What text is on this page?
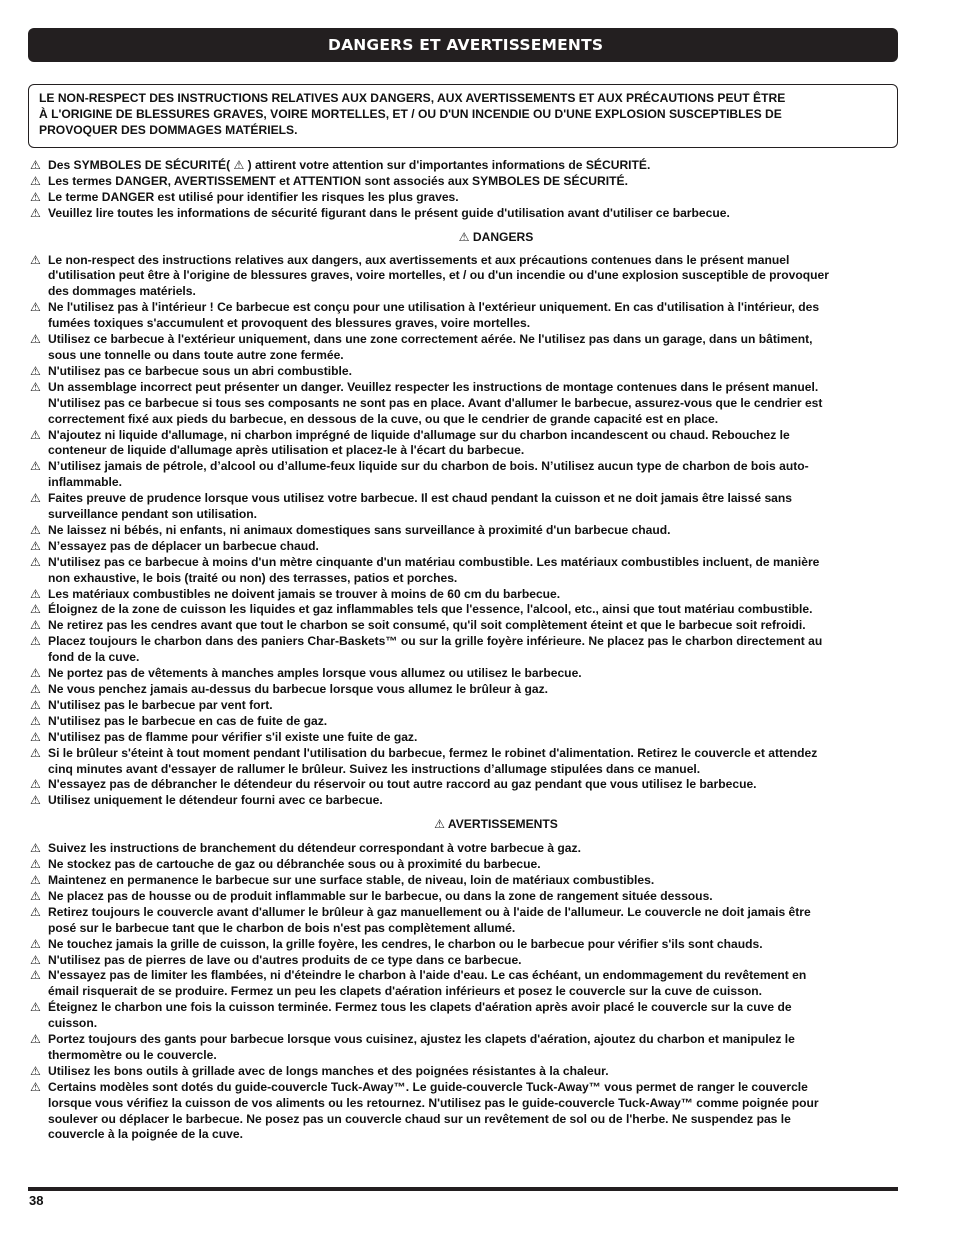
DANGERS ET AVERTISSEMENTS
LE NON-RESPECT DES INSTRUCTIONS RELATIVES AUX DANGERS, AUX AVERTISSEMENTS ET AUX PRÉCAUTIONS PEUT ÊTRE
À L'ORIGINE DE BLESSURES GRAVES, VOIRE MORTELLES, ET / OU D'UN INCENDIE OU D'UNE EXPLOSION SUSCEPTIBLES DE
PROVOQUER DES DOMMAGES MATÉRIELS.
⚠ Des SYMBOLES DE SÉCURITÉ( ⚠ ) attirent votre attention sur d'importantes informations de SÉCURITÉ.
⚠ Les termes DANGER, AVERTISSEMENT et ATTENTION sont associés aux SYMBOLES DE SÉCURITÉ.
⚠ Le terme DANGER est utilisé pour identifier les risques les plus graves.
⚠ Veuillez lire toutes les informations de sécurité figurant dans le présent guide d'utilisation avant d'utiliser ce barbecue.
⚠ DANGERS
⚠ Le non-respect des instructions relatives aux dangers, aux avertissements et aux précautions contenues dans le présent manuel
d'utilisation peut être à l'origine de blessures graves, voire mortelles, et / ou d'un incendie ou d'une explosion susceptible de provoquer
des dommages matériels.
⚠ Ne l'utilisez pas à l'intérieur ! Ce barbecue est conçu pour une utilisation à l'extérieur uniquement. En cas d'utilisation à l'intérieur, des
fumées toxiques s'accumulent et provoquent des blessures graves, voire mortelles.
⚠ Utilisez ce barbecue à l'extérieur uniquement, dans une zone correctement aérée. Ne l'utilisez pas dans un garage, dans un bâtiment,
sous une tonnelle ou dans toute autre zone fermée.
⚠ N'utilisez pas ce barbecue sous un abri combustible.
⚠ Un assemblage incorrect peut présenter un danger. Veuillez respecter les instructions de montage contenues dans le présent manuel.
N'utilisez pas ce barbecue si tous ses composants ne sont pas en place. Avant d'allumer le barbecue, assurez-vous que le cendrier est
correctement fixé aux pieds du barbecue, en dessous de la cuve, ou que le cendrier de grande capacité est en place.
⚠ N'ajoutez ni liquide d'allumage, ni charbon imprégné de liquide d'allumage sur du charbon incandescent ou chaud. Rebouchez le
conteneur de liquide d'allumage après utilisation et placez-le à l'écart du barbecue.
⚠ N’utilisez jamais de pétrole, d’alcool ou d’allume-feux liquide sur du charbon de bois. N’utilisez aucun type de charbon de bois auto-
inflammable.
⚠ Faites preuve de prudence lorsque vous utilisez votre barbecue. Il est chaud pendant la cuisson et ne doit jamais être laissé sans
surveillance pendant son utilisation.
⚠ Ne laissez ni bébés, ni enfants, ni animaux domestiques sans surveillance à proximité d'un barbecue chaud.
⚠ N’essayez pas de déplacer un barbecue chaud.
⚠ N'utilisez pas ce barbecue à moins d'un mètre cinquante d'un matériau combustible. Les matériaux combustibles incluent, de manière
non exhaustive, le bois (traité ou non) des terrasses, patios et porches.
⚠ Les matériaux combustibles ne doivent jamais se trouver à moins de 60 cm du barbecue.
⚠ Éloignez de la zone de cuisson les liquides et gaz inflammables tels que l'essence, l'alcool, etc., ainsi que tout matériau combustible.
⚠ Ne retirez pas les cendres avant que tout le charbon se soit consumé, qu'il soit complètement éteint et que le barbecue soit refroidi.
⚠ Placez toujours le charbon dans des paniers Char-Baskets™ ou sur la grille foyère inférieure. Ne placez pas le charbon directement au
fond de la cuve.
⚠ Ne portez pas de vêtements à manches amples lorsque vous allumez ou utilisez le barbecue.
⚠ Ne vous penchez jamais au-dessus du barbecue lorsque vous allumez le brûleur à gaz.
⚠ N'utilisez pas le barbecue par vent fort.
⚠ N'utilisez pas le barbecue en cas de fuite de gaz.
⚠ N'utilisez pas de flamme pour vérifier s'il existe une fuite de gaz.
⚠ Si le brûleur s'éteint à tout moment pendant l'utilisation du barbecue, fermez le robinet d'alimentation. Retirez le couvercle et attendez
cinq minutes avant d'essayer de rallumer le brûleur. Suivez les instructions d’allumage stipulées dans ce manuel.
⚠ N'essayez pas de débrancher le détendeur du réservoir ou tout autre raccord au gaz pendant que vous utilisez le barbecue.
⚠ Utilisez uniquement le détendeur fourni avec ce barbecue.
⚠ AVERTISSEMENTS
⚠ Suivez les instructions de branchement du détendeur correspondant à votre barbecue à gaz.
⚠ Ne stockez pas de cartouche de gaz ou débranchée sous ou à proximité du barbecue.
⚠ Maintenez en permanence le barbecue sur une surface stable, de niveau, loin de matériaux combustibles.
⚠ Ne placez pas de housse ou de produit inflammable sur le barbecue, ou dans la zone de rangement située dessous.
⚠ Retirez toujours le couvercle avant d'allumer le brûleur à gaz manuellement ou à l'aide de l'allumeur. Le couvercle ne doit jamais être
posé sur le barbecue tant que le charbon de bois n'est pas complètement allumé.
⚠ Ne touchez jamais la grille de cuisson, la grille foyère, les cendres, le charbon ou le barbecue pour vérifier s'ils sont chauds.
⚠ N'utilisez pas de pierres de lave ou d'autres produits de ce type dans ce barbecue.
⚠ N'essayez pas de limiter les flambées, ni d'éteindre le charbon à l'aide d'eau. Le cas échéant, un endommagement du revêtement en
émail risquerait de se produire. Fermez un peu les clapets d'aération inférieurs et posez le couvercle sur la cuve de cuisson.
⚠ Éteignez le charbon une fois la cuisson terminée. Fermez tous les clapets d'aération après avoir placé le couvercle sur la cuve de
cuisson.
⚠ Portez toujours des gants pour barbecue lorsque vous cuisinez, ajustez les clapets d'aération, ajoutez du charbon et manipulez le
thermomètre ou le couvercle.
⚠ Utilisez les bons outils à grillade avec de longs manches et des poignées résistantes à la chaleur.
⚠ Certains modèles sont dotés du guide-couvercle Tuck-Away™. Le guide-couvercle Tuck-Away™ vous permet de ranger le couvercle
lorsque vous vérifiez la cuisson de vos aliments ou les retournez. N'utilisez pas le guide-couvercle Tuck-Away™ comme poignée pour
soulever ou déplacer le barbecue. Ne posez pas un couvercle chaud sur un revêtement de sol ou de l'herbe. Ne suspendez pas le
couvercle à la poignée de la cuve.
38
